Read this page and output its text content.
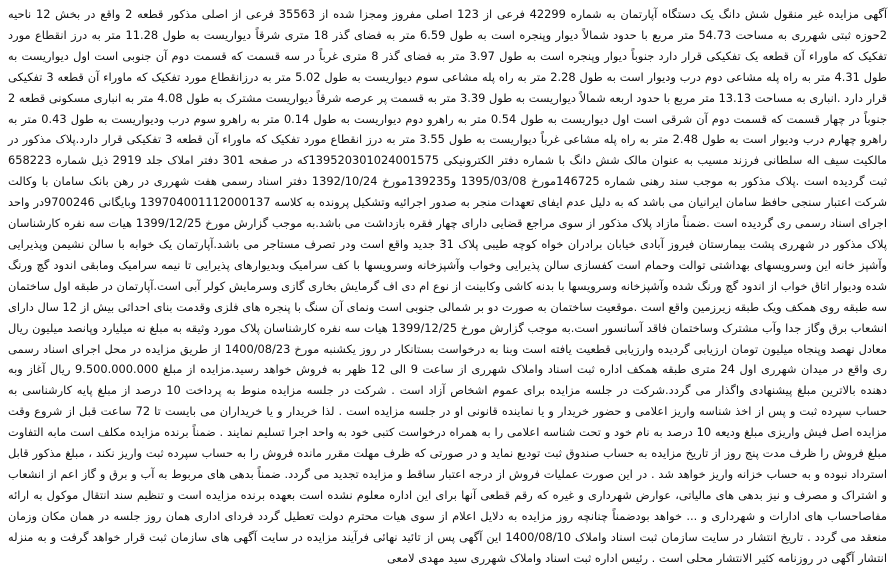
آگهی مزایده غیر منقول شش دانگ یک دستگاه آپارتمان به شماره 42299 فرعی از 123 اصلی مفروز ومجزا شده از 35563 فرعی از اصلی مذکور قطعه 2 واقع در بخش 12 ناحیه 2حوزه ثبتی شهرری به مساحت 54.73 متر مربع با حدود شمالاً دیوار وپنجره است به طول 6.59 متر به فضای گذر 18 متری شرقاً دیواریست به طول 11.28 متر به درز انقطاع مورد تفکیک که ماوراء آن قطعه یک تفکیکی قرار دارد جنوباً دیوار وپنجره است به طول 3.97 متر به فضای گذر 8 متری غرباً در سه قسمت که قسمت دوم آن جنوبی است اول دیواریست به طول 4.31 متر به راه پله مشاعی دوم درب ودیوار است به طول 2.28 متر به راه پله مشاعی سوم دیواریست به طول 5.02 متر به درزانقطاع مورد تفکیک که ماوراء آن قطعه 3 تفکیکی قرار دارد .انباری به مساحت 13.13 متر مربع با حدود اربعه شمالاً دیواریست به طول 3.39 متر به قسمت پر عرصه شرقاً دیواریست مشترک به طول 4.08 متر به انباری مسکونی قطعه 2 جنوباً در چهار قسمت که قسمت دوم آن شرقی است اول دیواریست به طول 0.54 متر به راهرو دوم دیواریست به طول 0.14 متر به راهرو سوم درب ودیواریست به طول 0.43 متر به راهرو چهارم درب ودیوار است به طول 2.48 متر به راه پله مشاعی غرباً دیواریست به طول 3.55 متر به درز انقطاع مورد تفکیک که ماوراء آن قطعه 3 تفکیکی قرار دارد.پلاک مذکور در مالکیت سیف اله سلطانی فرزند مسیب به عنوان مالک شش دانگ با شماره دفتر الکترونیکی 139520301024001575که در صفحه 301 دفتر املاک جلد 2919 ذیل شماره 658223 ثبت گردیده است .پلاک مذکور به موجب سند رهنی شماره 146725مورخ 1395/03/08 و139235مورخ 1392/10/24 دفتر اسناد رسمی هفت شهرری در رهن بانک سامان با وکالت شرکت اعتبار سنجی حافظ سامان ایرانیان می باشد که به دلیل عدم ایفای تعهدات منجر به صدور اجرائیه وتشکیل پرونده به کلاسه 139704001112000137 وبایگانی 9700246در واحد اجرای اسناد رسمی ری گردیده است .ضمناً مازاد پلاک مذکور از سوی مراجع قضایی دارای چهار فقره بازداشت می باشد.به موجب گزارش مورخ 1399/12/25 هیات سه نفره کارشناسان پلاک مذکور در شهرری پشت بیمارستان فیروز آبادی خیابان برادران خواه کوچه طیبی پلاک 31 جدید واقع است ودر تصرف مستاجر می باشد.آپارتمان یک خوابه با سالن نشیمن وپذیرایی وآشپز خانه این وسرویسهای بهداشتی توالت وحمام است کفسازی سالن پذیرایی وخواب وآشپزخانه وسرویسها با کف سرامیک وبدیوارهای پذیرایی تا نیمه سرامیک ومابقی اندود گچ ورنگ شده ودیوار اتاق خواب از اندود گچ ورنگ شده وآشپزخانه وسرویسها با بدنه کاشی وکابینت از نوع ام دی اف گرمایش بخاری گازی وسرمایش کولر آبی است.آپارتمان در طبقه اول ساختمان سه طبقه روی همکف ویک طبقه زیرزمین واقع است .موقعیت ساختمان به صورت دو بر شمالی جنوبی است ونمای آن سنگ با پنجره های فلزی وقدمت بنای احداثی بیش از 12 سال دارای انشعاب برق وگاز جدا وآب مشترک وساختمان فاقد آسانسور است.به موجب گزارش مورخ 1399/12/25 هیات سه نفره کارشناسان پلاک مورد وثیقه به مبلغ نه میلیارد وپانصد میلیون ریال معادل نهصد وپنجاه میلیون تومان ارزیابی گردیده وارزیابی قطعیت یافته است وبنا به درخواست بستانکار در روز یکشنبه مورخ 1400/08/23 از طریق مزایده در محل اجرای اسناد رسمی ری واقع در میدان شهرری اول 24 متری طبقه همکف اداره ثبت اسناد واملاک شهرری از ساعت 9 الی 12 ظهر به فروش خواهد رسید.مزایده از مبلغ 9.500.000.000 ریال آغاز وبه دهنده بالاترین مبلغ پیشنهادی واگذار می گردد.شرکت در جلسه مزایده برای عموم اشخاص آزاد است . شرکت در جلسه مزایده منوط به پرداخت 10 درصد از مبلغ پایه کارشناسی به حساب سپرده ثبت و پس از اخذ شناسه واریز اعلامی و حضور خریدار و یا نماینده قانونی او در جلسه مزایده است . لذا خریدار و یا خریداران می بایست تا 72 ساعت قبل از شروع وقت مزایده اصل فیش واریزی مبلغ ودیعه 10 درصد به نام خود و تحت شناسه اعلامی را به همراه درخواست کتبی خود به واحد اجرا تسلیم نمایند . ضمناً برنده مزایده مکلف است مابه التفاوت مبلغ فروش را ظرف مدت پنج روز از تاریخ مزایده به حساب صندوق ثبت تودیع نماید و در صورتی که ظرف مهلت مقرر مانده فروش را به حساب سپرده ثبت واریز نکند ، مبلغ مذکور قابل استرداد نبوده و به حساب خزانه واریز خواهد شد . در این صورت عملیات فروش از درجه اعتبار ساقط و مزایده تجدید می گردد. ضمناً بدهی های مربوط به آب و برق و گاز اعم از انشعاب و اشتراک و مصرف و نیز بدهی های مالیاتی، عوارض شهرداری و غیره که رقم قطعی آنها برای این اداره معلوم نشده است بعهده برنده مزایده است و تنظیم سند انتقال موکول به ارائه مفاصاحساب های ادارات و شهرداری و ... خواهد بودضمناً چنانچه روز مزایده به دلایل اعلام از سوی هیات محترم دولت تعطیل گردد فردای اداری همان روز جلسه در همان مکان وزمان منعقد می گردد . تاریخ انتشار در سایت سازمان ثبت اسناد واملاک 1400/08/10 این آگهی پس از تائید نهائی فرآیند مزایده در سایت آگهی های سازمان ثبت قرار خواهد گرفت و به منزله انتشار آگهی در روزنامه کثیر الانتشار محلی است . رئیس اداره ثبت اسناد واملاک شهرری سید مهدی لامعی
